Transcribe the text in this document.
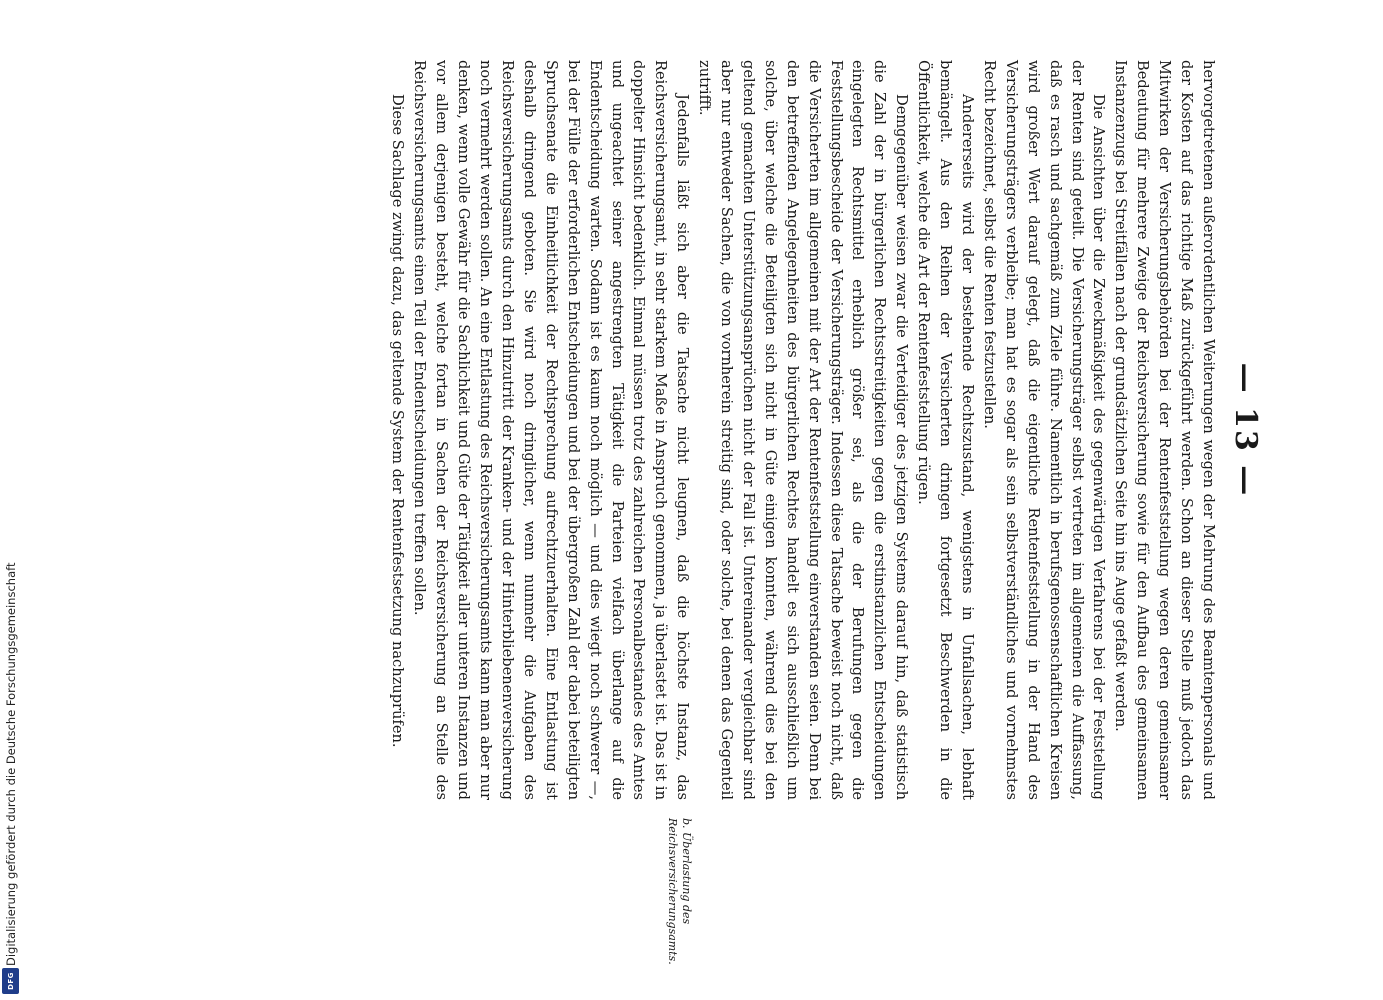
Digitalisierung gefördert durch die Deutsche Forschungsgemeinschaft
DFG
— 13 —

hervorgetretenen außerordentlichen Weiterungen wegen der Mehrung des Beamtenpersonals und der Kosten auf das richtige Maß zurückgeführt werden. Schon an dieser Stelle muß jedoch das Mitwirken der Versicherungsbehörden bei der Rentenfeststellung wegen deren gemeinsamer Bedeutung für mehrere Zweige der Reichsversicherung sowie für den Aufbau des gemeinsamen Instanzenzugs bei Streitfällen nach der grundsätzlichen Seite hin ins Auge gefaßt werden.

Die Ansichten über die Zweckmäßigkeit des gegenwärtigen Verfahrens bei der Feststellung der Renten sind geteilt. Die Versicherungsträger selbst vertreten im allgemeinen die Auffassung, daß es rasch und sachgemäß zum Ziele führe. Namentlich in berufsgenossenschaftlichen Kreisen wird großer Wert darauf gelegt, daß die eigentliche Rentenfeststellung in der Hand des Versicherungsträgers verbleibe; man hat es sogar als sein selbstverständliches und vornehmstes Recht bezeichnet, selbst die Renten festzustellen.

Andererseits wird der bestehende Rechtszustand, wenigstens in Unfallsachen, lebhaft bemängelt. Aus den Reihen der Versicherten dringen fortgesetzt Beschwerden in die Öffentlichkeit, welche die Art der Rentenfeststellung rügen.

Demgegenüber weisen zwar die Verteidiger des jetzigen Systems darauf hin, daß statistisch die Zahl der in bürgerlichen Rechtsstreitigkeiten gegen die erstinstanzlichen Entscheidungen eingelegten Rechtsmittel erheblich größer sei, als die der Berufungen gegen die Feststellungsbescheide der Versicherungsträger. Indessen diese Tatsache beweist noch nicht, daß die Versicherten im allgemeinen mit der Art der Rentenfeststellung einverstanden seien. Denn bei den betreffenden Angelegenheiten des bürgerlichen Rechtes handelt es sich ausschließlich um solche, über welche die Beteiligten sich nicht in Güte einigen konnten, während dies bei den geltend gemachten Unterstützungsansprüchen nicht der Fall ist. Untereinander vergleichbar sind aber nur entweder Sachen, die von vornherein streitig sind, oder solche, bei denen das Gegenteil zutrifft.

Jedenfalls läßt sich aber die Tatsache nicht leugnen, daß die höchste Instanz, das Reichsversicherungsamt, in sehr starkem Maße in Anspruch genommen, ja überlastet ist. Das ist in doppelter Hinsicht bedenklich. Einmal müssen trotz des zahlreichen Personalbestandes des Amtes und ungeachtet seiner angestrengten Tätigkeit die Parteien vielfach überlange auf die Endentscheidung warten. Sodann ist es kaum noch möglich — und dies wiegt noch schwerer —, bei der Fülle der erforderlichen Entscheidungen und bei der übergroßen Zahl der dabei beteiligten Spruchsenate die Einheitlichkeit der Rechtsprechung aufrechtzuerhalten. Eine Entlastung ist deshalb dringend geboten. Sie wird noch dringlicher, wenn nunmehr die Aufgaben des Reichsversicherungsamts durch den Hinzutritt der Kranken- und der Hinterbliebenenversicherung noch vermehrt werden sollen. An eine Entlastung des Reichsversicherungsamts kann man aber nur denken, wenn volle Gewähr für die Sachlichkeit und Güte der Tätigkeit aller unteren Instanzen und vor allem derjenigen besteht, welche fortan in Sachen der Reichsversicherung an Stelle des Reichsversicherungsamts einen Teil der Endentscheidungen treffen sollen.

Diese Sachlage zwingt dazu, das geltende System der Rentenfestsetzung nachzuprüfen.

b. Überlastung des Reichsversicherungsamts.
